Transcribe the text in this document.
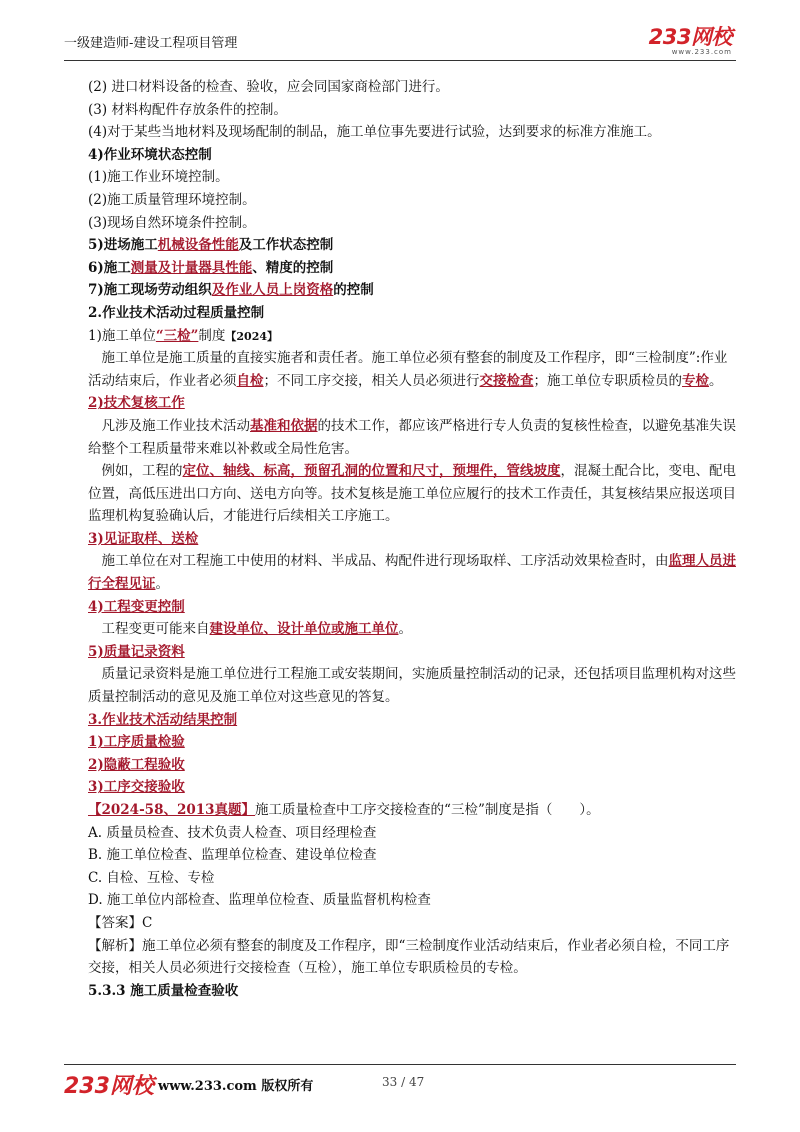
一级建造师-建设工程项目管理	233网校
www.233.com
(2) 进口材料设备的检查、验收，应会同国家商检部门进行。
(3) 材料构配件存放条件的控制。
(4)对于某些当地材料及现场配制的制品，施工单位事先要进行试验，达到要求的标准方准施工。
4)作业环境状态控制
(1)施工作业环境控制。
(2)施工质量管理环境控制。
(3)现场自然环境条件控制。
5)进场施工机械设备性能及工作状态控制
6)施工测量及计量器具性能、精度的控制
7)施工现场劳动组织及作业人员上岗资格的控制
2.作业技术活动过程质量控制
1)施工单位“三检”制度【2024】
　施工单位是施工质量的直接实施者和责任者。施工单位必须有整套的制度及工作程序，即“三检制度”:作业活动结束后，作业者必须自检；不同工序交接，相关人员必须进行交接检查；施工单位专职质检员的专检。
2)技术复核工作
　凡涉及施工作业技术活动基准和依据的技术工作，都应该严格进行专人负责的复核性检查，以避免基准失误给整个工程质量带来难以补救或全局性危害。
　例如，工程的定位、轴线、标高，预留孔洞的位置和尺寸，预埋件，管线坡度，混凝土配合比，变电、配电位置，高低压进出口方向、送电方向等。技术复核是施工单位应履行的技术工作责任，其复核结果应报送项目监理机构复验确认后，才能进行后续相关工序施工。
3)见证取样、送检
　施工单位在对工程施工中使用的材料、半成品、构配件进行现场取样、工序活动效果检查时，由监理人员进行全程见证。
4)工程变更控制
　工程变更可能来自建设单位、设计单位或施工单位。
5)质量记录资料
　质量记录资料是施工单位进行工程施工或安装期间，实施质量控制活动的记录，还包括项目监理机构对这些质量控制活动的意见及施工单位对这些意见的答复。
3.作业技术活动结果控制
1)工序质量检验
2)隐蔽工程验收
3)工序交接验收
【2024-58、2013真题】施工质量检查中工序交接检查的“三检”制度是指（　　）。
A. 质量员检查、技术负责人检查、项目经理检查
B. 施工单位检查、监理单位检查、建设单位检查
C. 自检、互检、专检
D. 施工单位内部检查、监理单位检查、质量监督机构检查
【答案】C
【解析】施工单位必须有整套的制度及工作程序，即“三检制度作业活动结束后，作业者必须自检，不同工序交接，相关人员必须进行交接检查（互检），施工单位专职质检员的专检。
5.3.3 施工质量检查验收
233网校 www.233.com 版权所有	33 / 47
